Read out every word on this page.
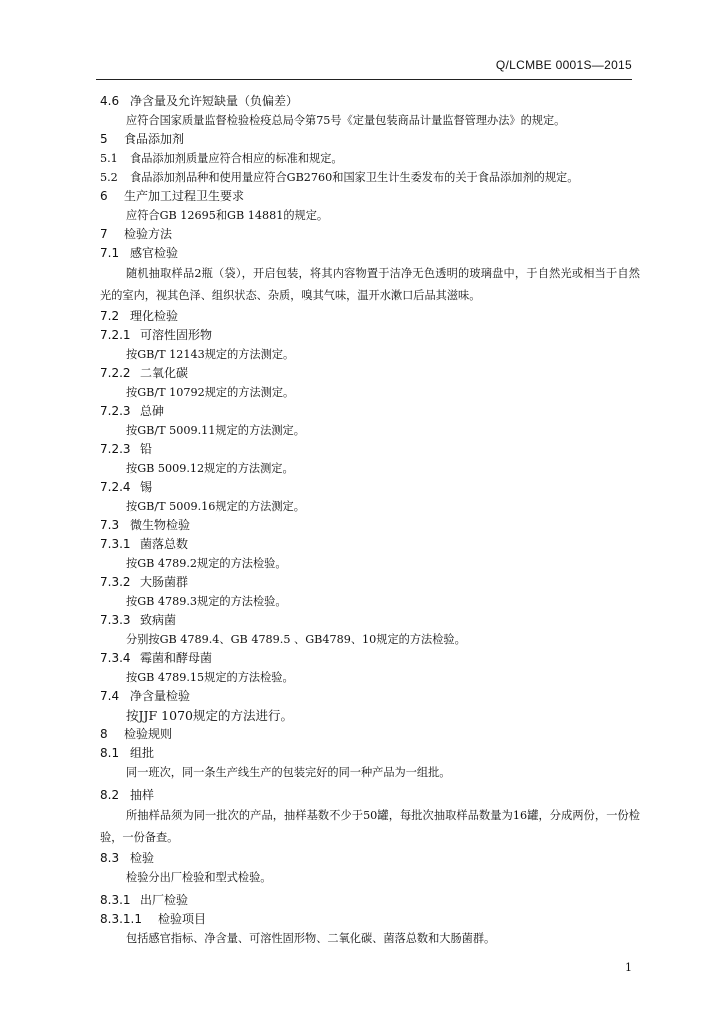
Q/LCMBE 0001S—2015
4.6 净含量及允许短缺量（负偏差）
应符合国家质量监督检验检疫总局令第75号《定量包装商品计量监督管理办法》的规定。
5 食品添加剂
5.1 食品添加剂质量应符合相应的标准和规定。
5.2 食品添加剂品种和使用量应符合GB2760和国家卫生计生委发布的关于食品添加剂的规定。
6 生产加工过程卫生要求
应符合GB 12695和GB 14881的规定。
7 检验方法
7.1 感官检验
随机抽取样品2瓶（袋），开启包装，将其内容物置于洁净无色透明的玻璃盘中，于自然光或相当于自然光的室内，视其色泽、组织状态、杂质，嗅其气味，温开水漱口后品其滋味。
7.2 理化检验
7.2.1 可溶性固形物
按GB/T 12143规定的方法测定。
7.2.2 二氧化碳
按GB/T 10792规定的方法测定。
7.2.3 总砷
按GB/T 5009.11规定的方法测定。
7.2.3 铅
按GB 5009.12规定的方法测定。
7.2.4 锡
按GB/T 5009.16规定的方法测定。
7.3 微生物检验
7.3.1 菌落总数
按GB 4789.2规定的方法检验。
7.3.2 大肠菌群
按GB 4789.3规定的方法检验。
7.3.3 致病菌
分别按GB 4789.4、GB 4789.5 、GB4789、10规定的方法检验。
7.3.4 霉菌和酵母菌
按GB 4789.15规定的方法检验。
7.4 净含量检验
按JJF 1070规定的方法进行。
8 检验规则
8.1 组批
同一班次，同一条生产线生产的包装完好的同一种产品为一组批。
8.2 抽样
所抽样品须为同一批次的产品，抽样基数不少于50罐，每批次抽取样品数量为16罐，分成两份，一份检验，一份备查。
8.3 检验
检验分出厂检验和型式检验。
8.3.1 出厂检验
8.3.1.1 检验项目
包括感官指标、净含量、可溶性固形物、二氧化碳、菌落总数和大肠菌群。
1
